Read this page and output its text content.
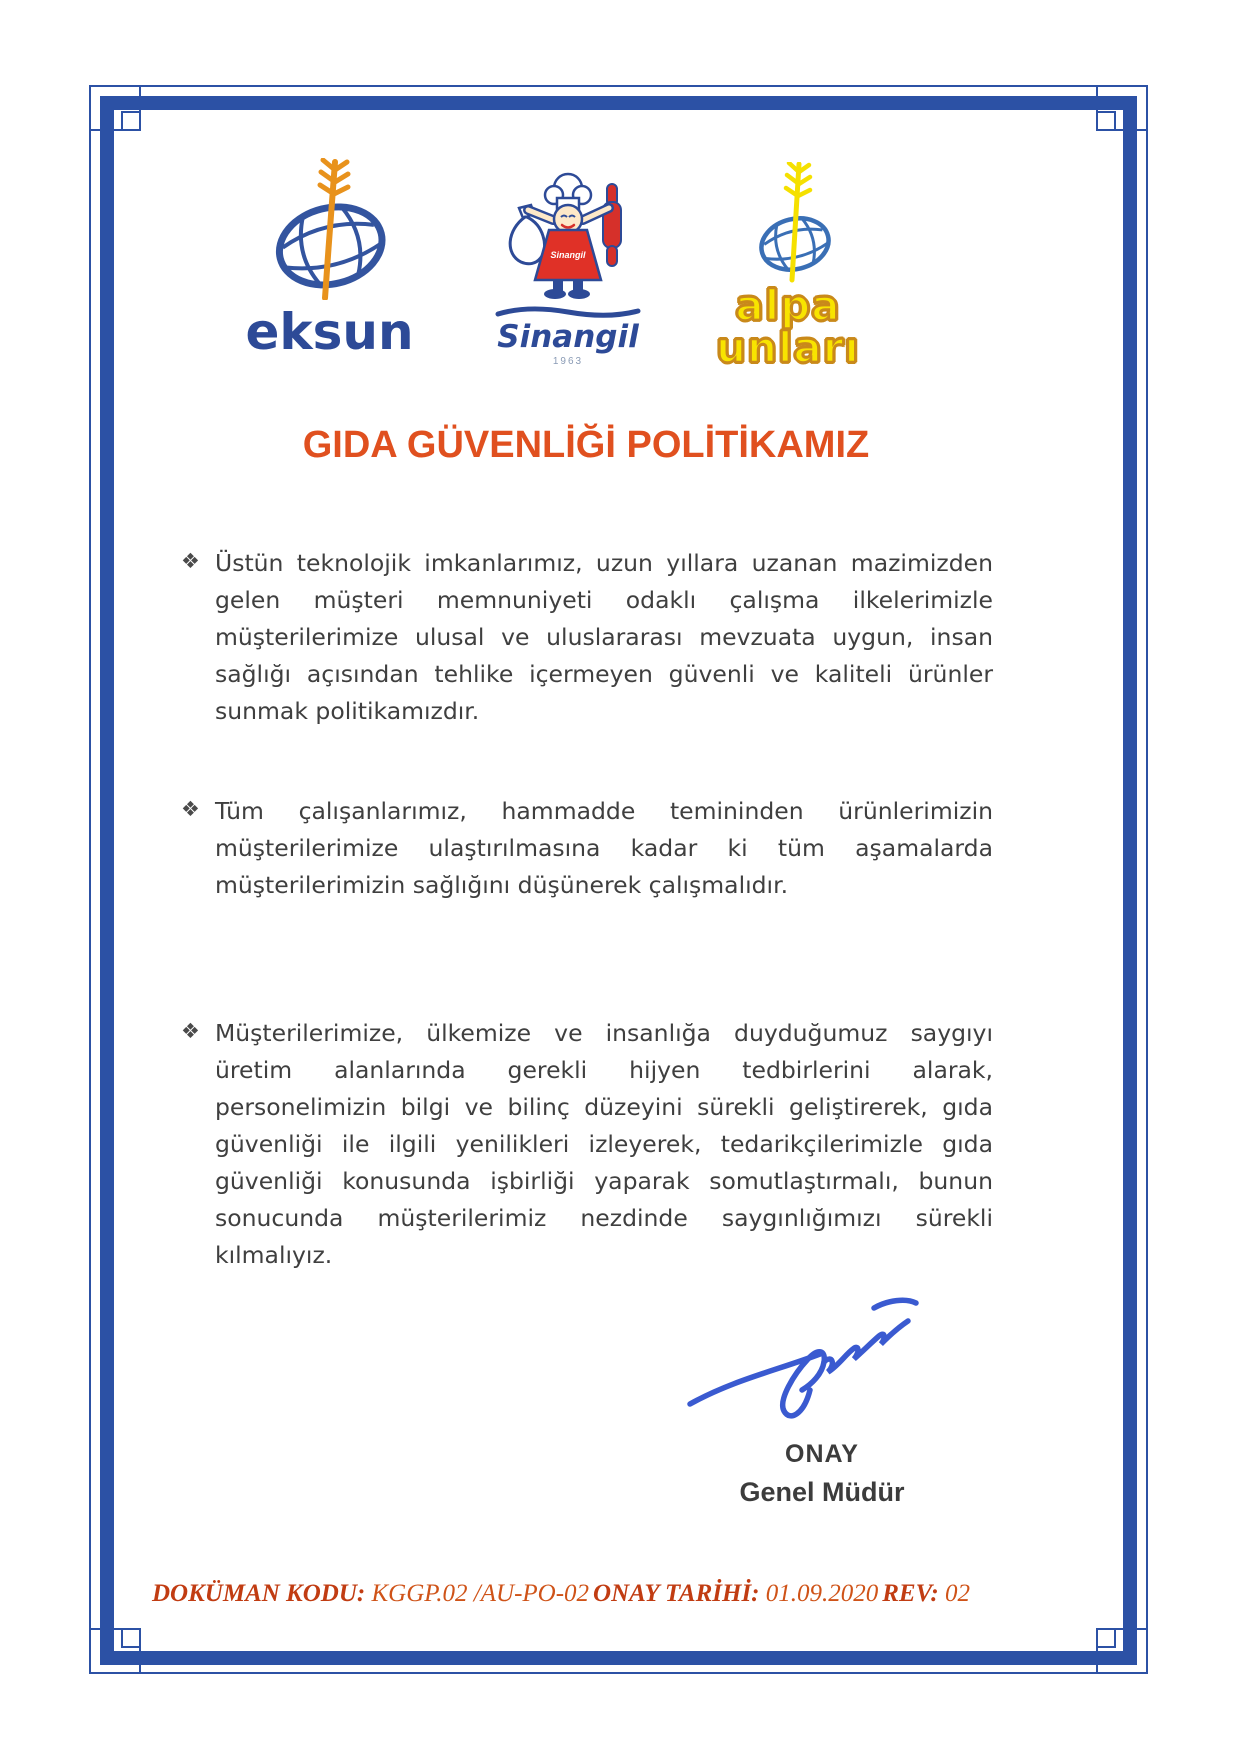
eksun
Sinangil
Sinangil
1963
alpa unları
GIDA GÜVENLİĞİ POLİTİKAMIZ
❖ Üstün teknolojik imkanlarımız, uzun yıllara uzanan mazimizden gelen müşteri memnuniyeti odaklı çalışma ilkelerimizle müşterilerimize ulusal ve uluslararası mevzuata uygun, insan sağlığı açısından tehlike içermeyen güvenli ve kaliteli ürünler sunmak politikamızdır.
❖ Tüm çalışanlarımız, hammadde temininden ürünlerimizin müşterilerimize ulaştırılmasına kadar ki tüm aşamalarda müşterilerimizin sağlığını düşünerek çalışmalıdır.
❖ Müşterilerimize, ülkemize ve insanlığa duyduğumuz saygıyı üretim alanlarında gerekli hijyen tedbirlerini alarak, personelimizin bilgi ve bilinç düzeyini sürekli geliştirerek, gıda güvenliği ile ilgili yenilikleri izleyerek, tedarikçilerimizle gıda güvenliği konusunda işbirliği yaparak somutlaştırmalı, bunun sonucunda müşterilerimiz nezdinde saygınlığımızı sürekli kılmalıyız.
ONAY
Genel Müdür
DOKÜMAN KODU: KGGP.02 /AU-PO-02 ONAY TARİHİ: 01.09.2020 REV: 02
